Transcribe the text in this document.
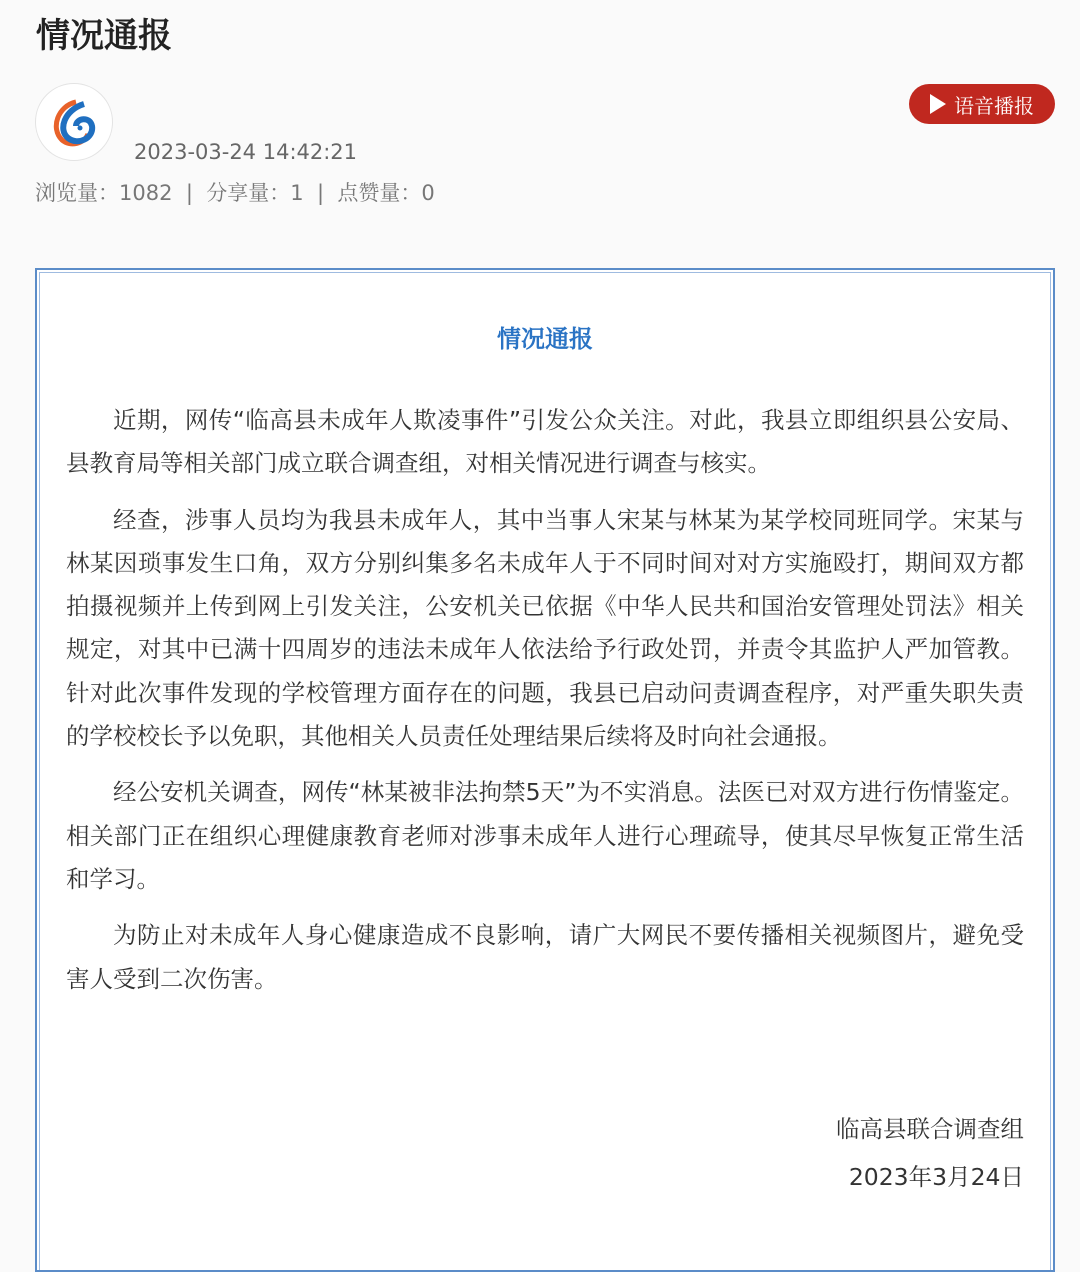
情况通报
2023-03-24 14:42:21
浏览量：1082 | 分享量：1 | 点赞量：0
语音播报
情况通报

近期，网传“临高县未成年人欺凌事件”引发公众关注。对此，我县立即组织县公安局、县教育局等相关部门成立联合调查组，对相关情况进行调查与核实。

经查，涉事人员均为我县未成年人，其中当事人宋某与林某为某学校同班同学。宋某与林某因琐事发生口角，双方分别纠集多名未成年人于不同时间对对方实施殴打，期间双方都拍摄视频并上传到网上引发关注，公安机关已依据《中华人民共和国治安管理处罚法》相关规定，对其中已满十四周岁的违法未成年人依法给予行政处罚，并责令其监护人严加管教。针对此次事件发现的学校管理方面存在的问题，我县已启动问责调查程序，对严重失职失责的学校校长予以免职，其他相关人员责任处理结果后续将及时向社会通报。

经公安机关调查，网传“林某被非法拘禁5天”为不实消息。法医已对双方进行伤情鉴定。相关部门正在组织心理健康教育老师对涉事未成年人进行心理疏导，使其尽早恢复正常生活和学习。

为防止对未成年人身心健康造成不良影响，请广大网民不要传播相关视频图片，避免受害人受到二次伤害。

临高县联合调查组
2023年3月24日
